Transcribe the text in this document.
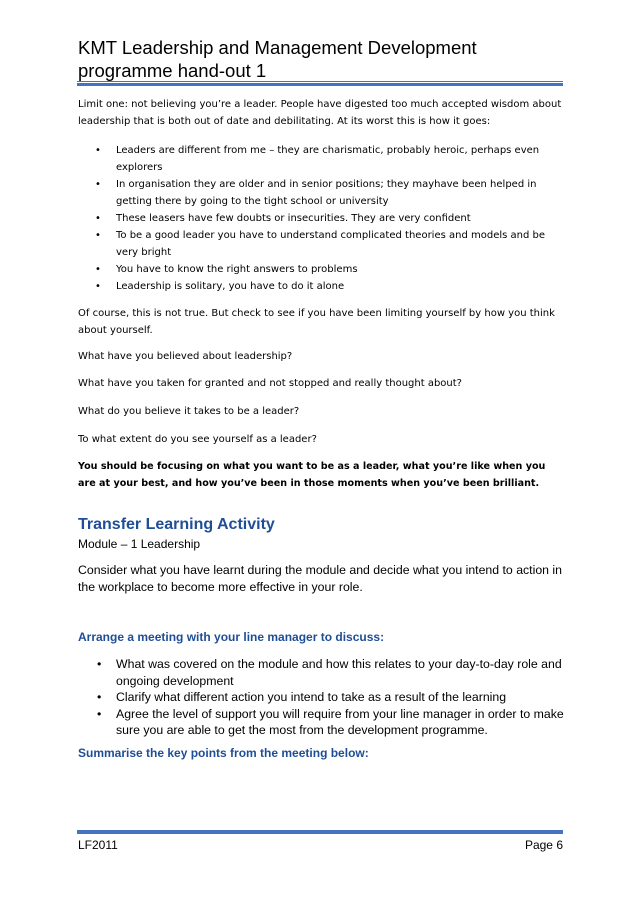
KMT Leadership and Management Development programme hand-out 1

Limit one: not believing you’re a leader. People have digested too much accepted wisdom about leadership that is both out of date and debilitating. At its worst this is how it goes:

• Leaders are different from me – they are charismatic, probably heroic, perhaps even explorers
• In organisation they are older and in senior positions; they mayhave been helped in getting there by going to the tight school or university
• These leasers have few doubts or insecurities. They are very confident
• To be a good leader you have to understand complicated theories and models and be very bright
• You have to know the right answers to problems
• Leadership is solitary, you have to do it alone

Of course, this is not true. But check to see if you have been limiting yourself by how you think about yourself.

What have you believed about leadership?

What have you taken for granted and not stopped and really thought about?

What do you believe it takes to be a leader?

To what extent do you see yourself as a leader?

You should be focusing on what you want to be as a leader, what you’re like when you are at your best, and how you’ve been in those moments when you’ve been brilliant.

Transfer Learning Activity
Module – 1 Leadership
Consider what you have learnt during the module and decide what you intend to action in the workplace to become more effective in your role.
Arrange a meeting with your line manager to discuss:
• What was covered on the module and how this relates to your day-to-day role and ongoing development
• Clarify what different action you intend to take as a result of the learning
• Agree the level of support you will require from your line manager in order to make sure you are able to get the most from the development programme.
Summarise the key points from the meeting below:
LF2011	Page 6
